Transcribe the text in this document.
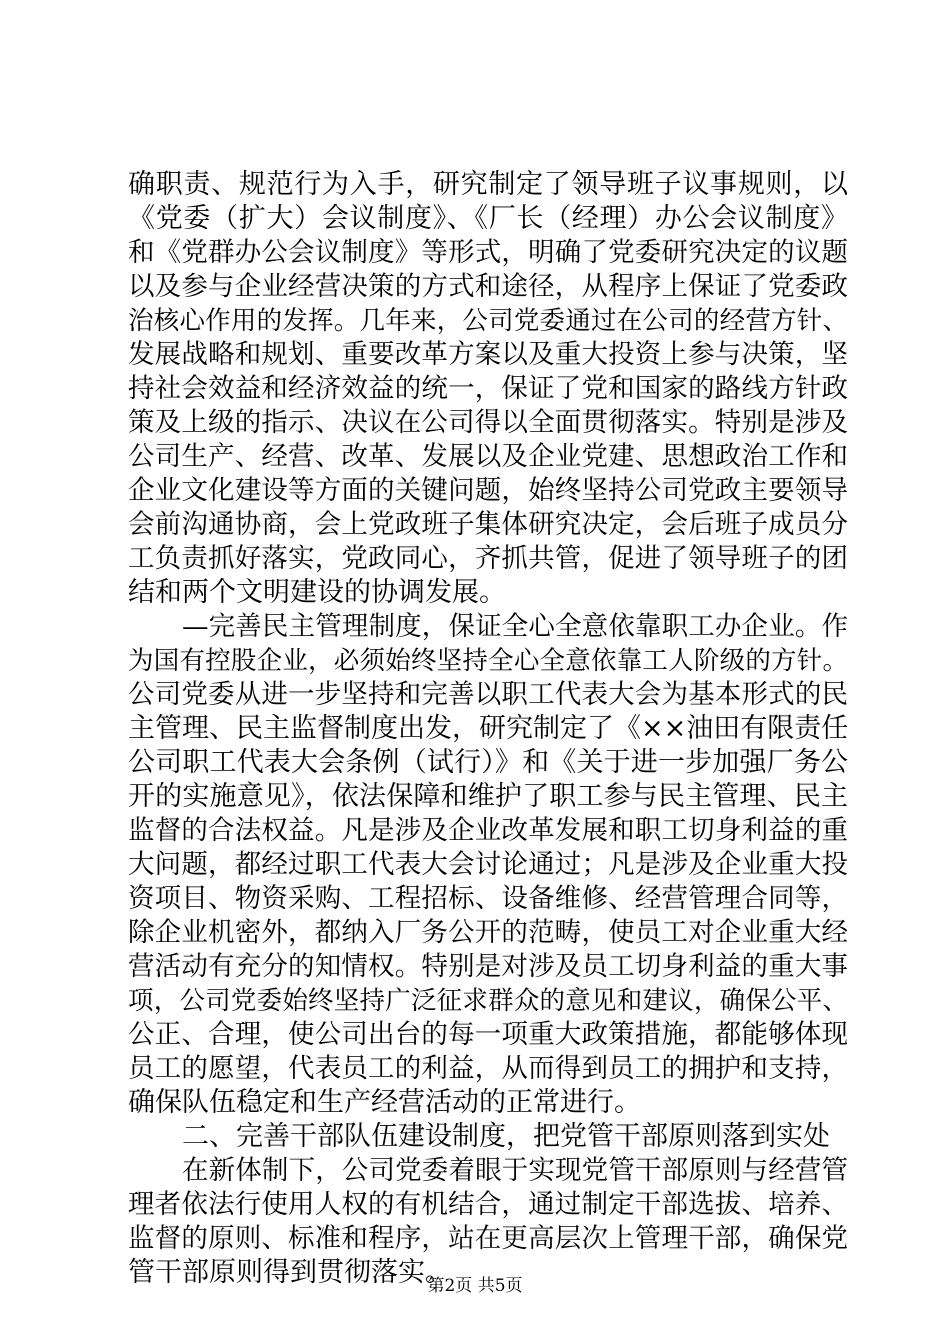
确职责、规范行为入手，研究制定了领导班子议事规则，以
《党委（扩大）会议制度》、《厂长（经理）办公会议制度》
和《党群办公会议制度》等形式，明确了党委研究决定的议题
以及参与企业经营决策的方式和途径，从程序上保证了党委政
治核心作用的发挥。几年来，公司党委通过在公司的经营方针、
发展战略和规划、重要改革方案以及重大投资上参与决策，坚
持社会效益和经济效益的统一，保证了党和国家的路线方针政
策及上级的指示、决议在公司得以全面贯彻落实。特别是涉及
公司生产、经营、改革、发展以及企业党建、思想政治工作和
企业文化建设等方面的关键问题，始终坚持公司党政主要领导
会前沟通协商，会上党政班子集体研究决定，会后班子成员分
工负责抓好落实，党政同心，齐抓共管，促进了领导班子的团
结和两个文明建设的协调发展。
—完善民主管理制度，保证全心全意依靠职工办企业。作
为国有控股企业，必须始终坚持全心全意依靠工人阶级的方针。
公司党委从进一步坚持和完善以职工代表大会为基本形式的民
主管理、民主监督制度出发，研究制定了《××油田有限责任
公司职工代表大会条例（试行）》和《关于进一步加强厂务公
开的实施意见》，依法保障和维护了职工参与民主管理、民主
监督的合法权益。凡是涉及企业改革发展和职工切身利益的重
大问题，都经过职工代表大会讨论通过；凡是涉及企业重大投
资项目、物资采购、工程招标、设备维修、经营管理合同等，
除企业机密外，都纳入厂务公开的范畴，使员工对企业重大经
营活动有充分的知情权。特别是对涉及员工切身利益的重大事
项，公司党委始终坚持广泛征求群众的意见和建议，确保公平、
公正、合理，使公司出台的每一项重大政策措施，都能够体现
员工的愿望，代表员工的利益，从而得到员工的拥护和支持，
确保队伍稳定和生产经营活动的正常进行。
二、完善干部队伍建设制度，把党管干部原则落到实处
在新体制下，公司党委着眼于实现党管干部原则与经营管
理者依法行使用人权的有机结合，通过制定干部选拔、培养、
监督的原则、标准和程序，站在更高层次上管理干部，确保党
管干部原则得到贯彻落实。
第2页 共5页
